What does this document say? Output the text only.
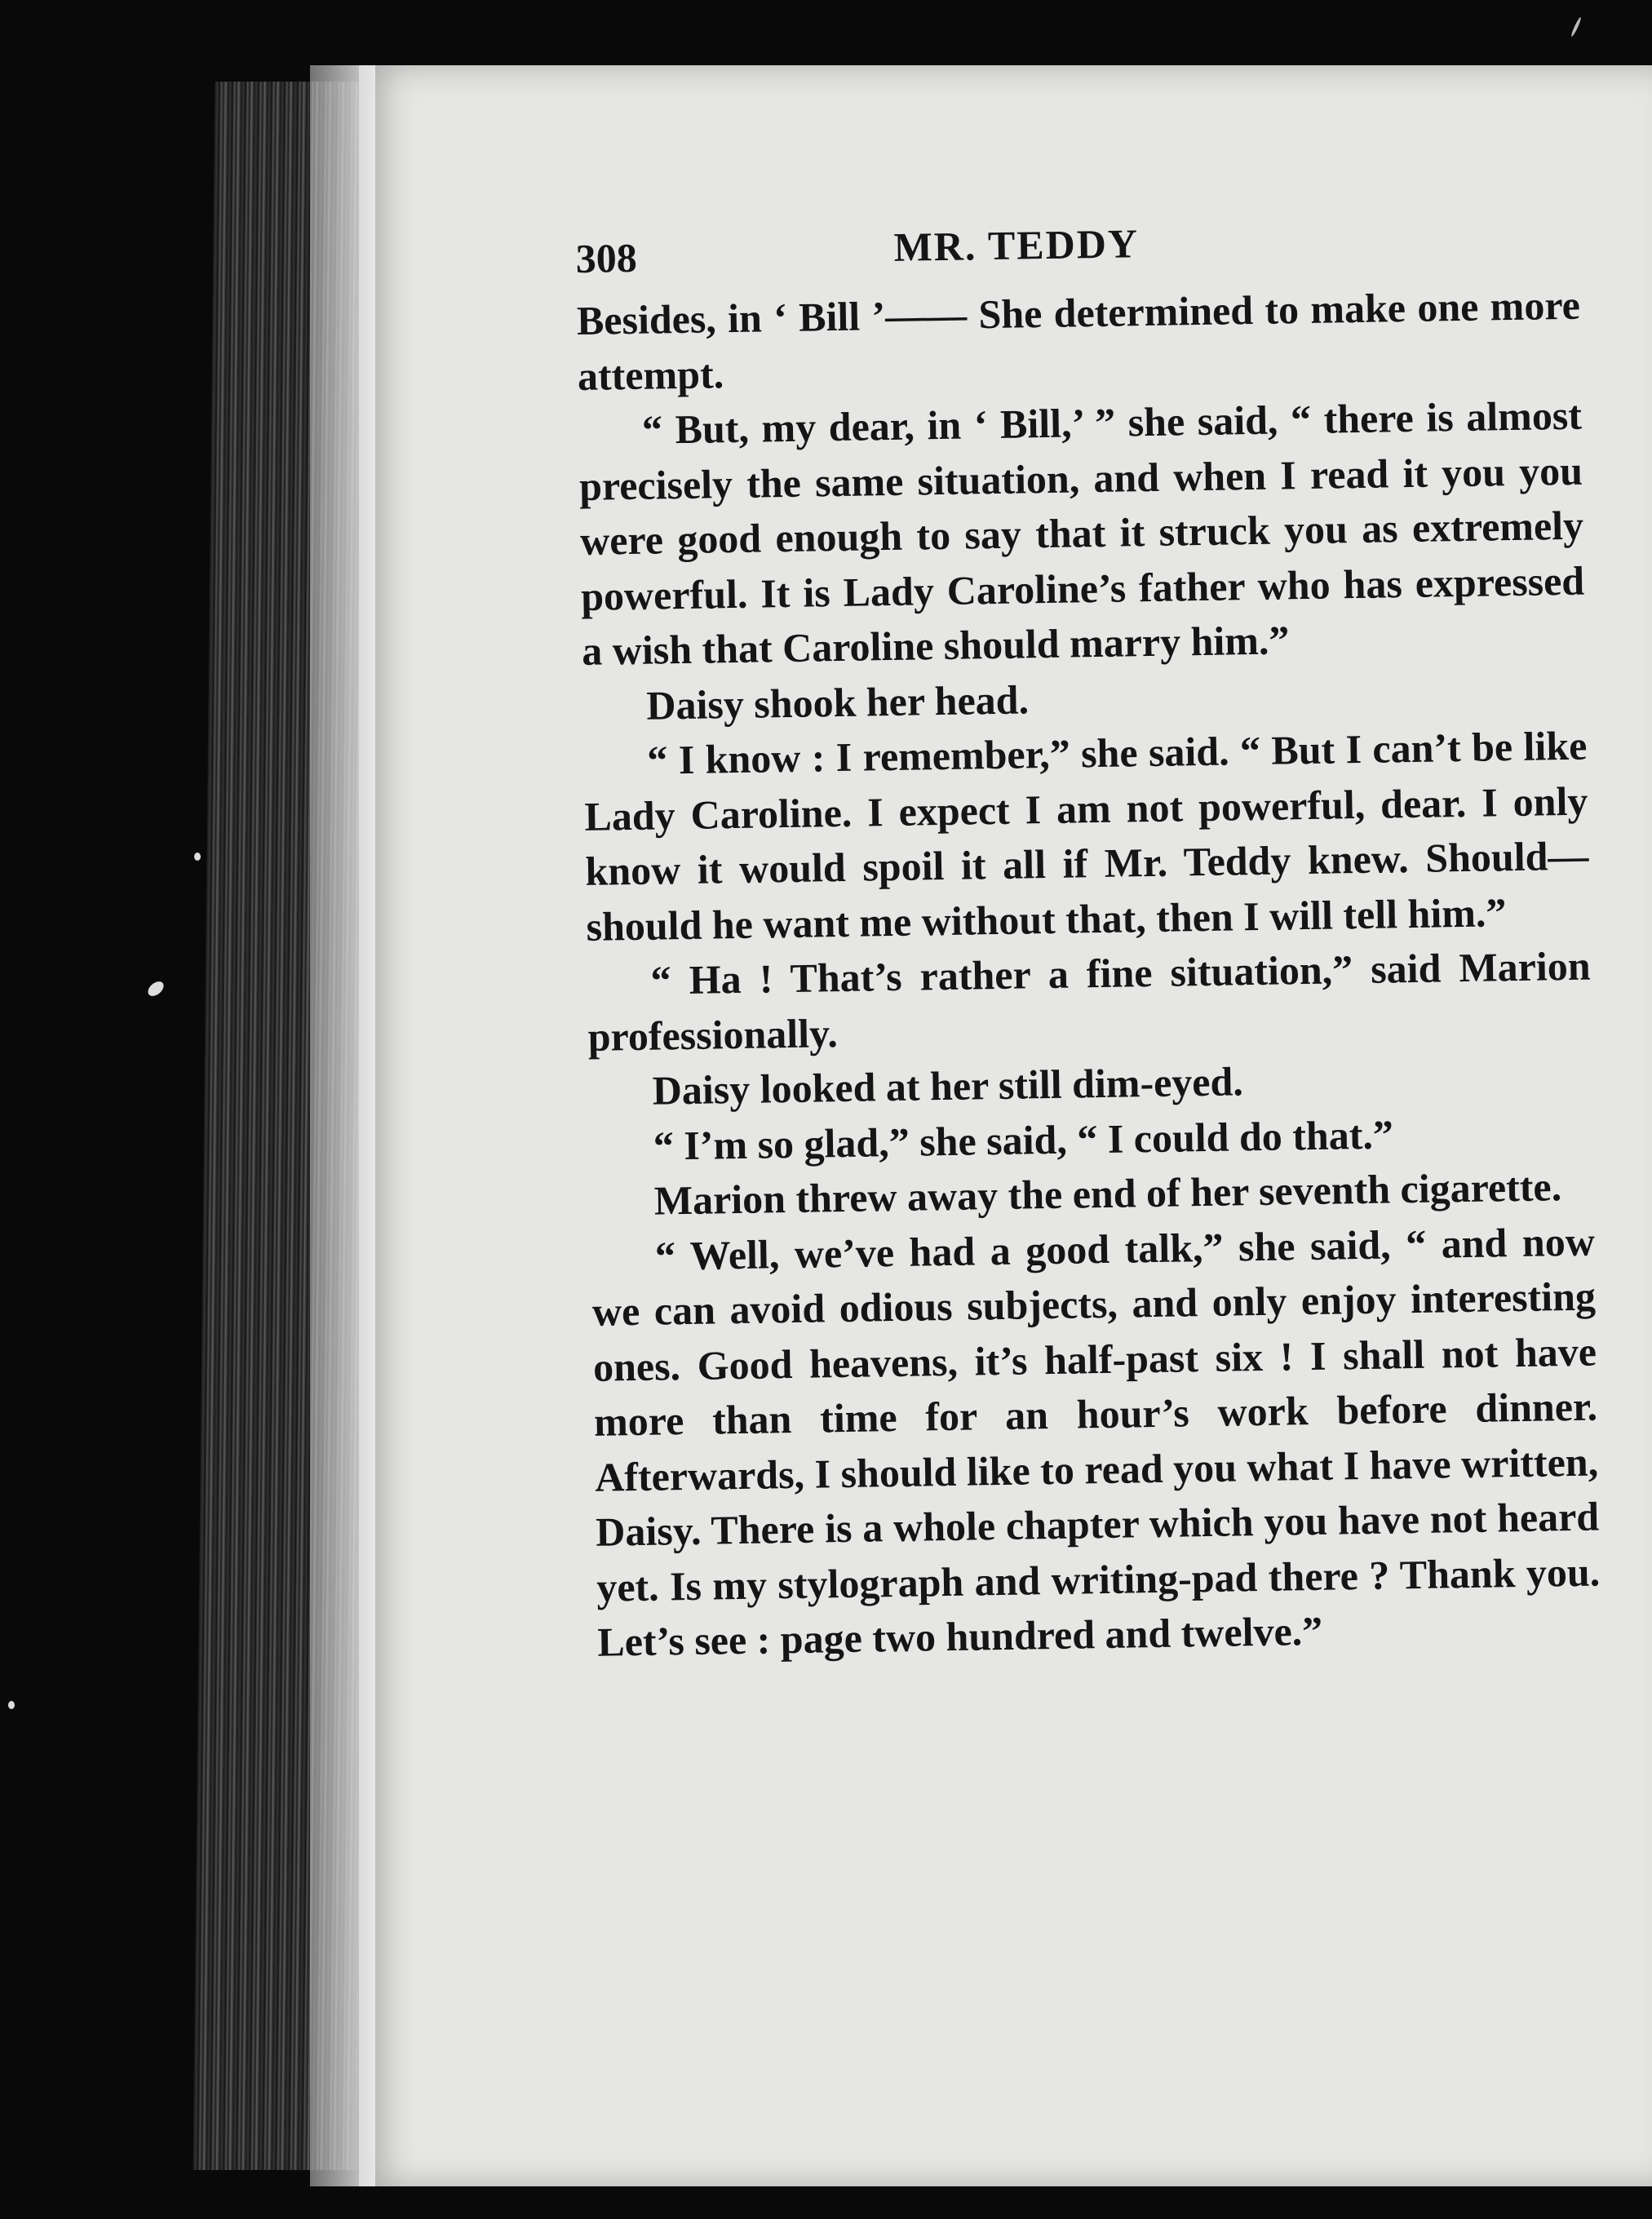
308	MR. TEDDY

Besides, in ‘ Bill ’—— She determined to make one more attempt.

“ But, my dear, in ‘ Bill,’ ” she said, “ there is almost precisely the same situation, and when I read it you you were good enough to say that it struck you as extremely powerful. It is Lady Caroline’s father who has expressed a wish that Caroline should marry him.”

Daisy shook her head.

“ I know : I remember,” she said. “ But I can’t be like Lady Caroline. I expect I am not powerful, dear. I only know it would spoil it all if Mr. Teddy knew. Should—should he want me without that, then I will tell him.”

“ Ha ! That’s rather a fine situation,” said Marion professionally.

Daisy looked at her still dim-eyed.

“ I’m so glad,” she said, “ I could do that.”

Marion threw away the end of her seventh cigarette.

“ Well, we’ve had a good talk,” she said, “ and now we can avoid odious subjects, and only enjoy interesting ones. Good heavens, it’s half-past six ! I shall not have more than time for an hour’s work before dinner. Afterwards, I should like to read you what I have written, Daisy. There is a whole chapter which you have not heard yet. Is my stylograph and writing-pad there ? Thank you. Let’s see : page two hundred and twelve.”
